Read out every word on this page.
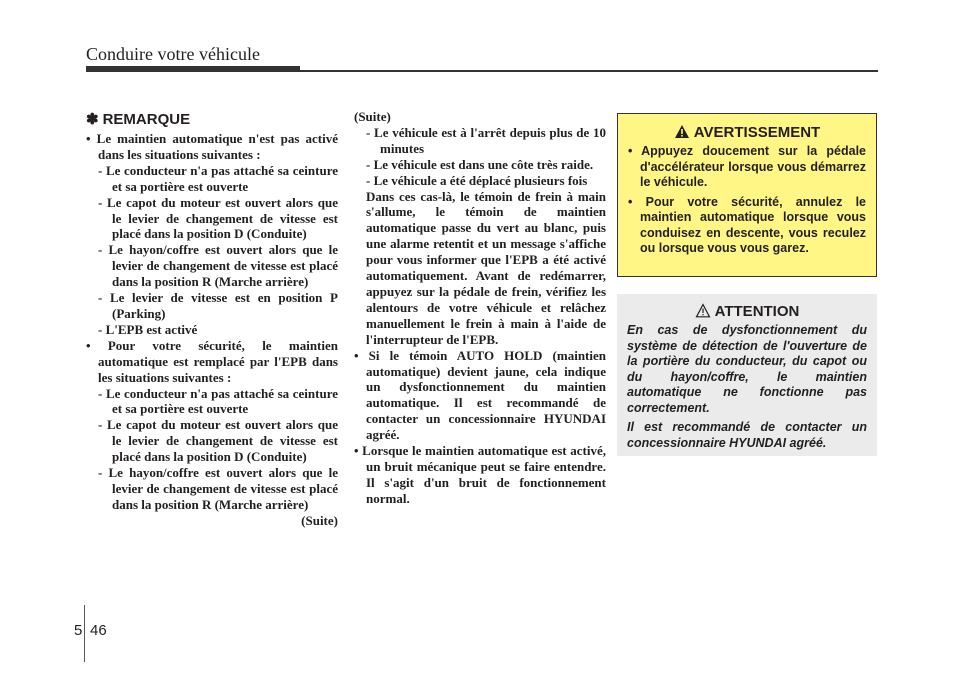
Conduire votre véhicule
✽ REMARQUE
• Le maintien automatique n'est pas activé dans les situations suivantes :
- Le conducteur n'a pas attaché sa ceinture et sa portière est ouverte
- Le capot du moteur est ouvert alors que le levier de changement de vitesse est placé dans la position D (Conduite)
- Le hayon/coffre est ouvert alors que le levier de changement de vitesse est placé dans la position R (Marche arrière)
- Le levier de vitesse est en position P (Parking)
- L'EPB est activé
• Pour votre sécurité, le maintien automatique est remplacé par l'EPB dans les situations suivantes :
- Le conducteur n'a pas attaché sa ceinture et sa portière est ouverte
- Le capot du moteur est ouvert alors que le levier de changement de vitesse est placé dans la position D (Conduite)
- Le hayon/coffre est ouvert alors que le levier de changement de vitesse est placé dans la position R (Marche arrière)
(Suite)
(Suite)
- Le véhicule est à l'arrêt depuis plus de 10 minutes
- Le véhicule est dans une côte très raide.
- Le véhicule a été déplacé plusieurs fois
Dans ces cas-là, le témoin de frein à main s'allume, le témoin de maintien automatique passe du vert au blanc, puis une alarme retentit et un message s'affiche pour vous informer que l'EPB a été activé automatiquement. Avant de redémarrer, appuyez sur la pédale de frein, vérifiez les alentours de votre véhicule et relâchez manuellement le frein à main à l'aide de l'interrupteur de l'EPB.
• Si le témoin AUTO HOLD (maintien automatique) devient jaune, cela indique un dysfonctionnement du maintien automatique. Il est recommandé de contacter un concessionnaire HYUNDAI agréé.
• Lorsque le maintien automatique est activé, un bruit mécanique peut se faire entendre. Il s'agit d'un bruit de fonctionnement normal.
AVERTISSEMENT
• Appuyez doucement sur la pédale d'accélérateur lorsque vous démarrez le véhicule.
• Pour votre sécurité, annulez le maintien automatique lorsque vous conduisez en descente, vous reculez ou lorsque vous vous garez.
ATTENTION

En cas de dysfonctionnement du système de détection de l'ouverture de la portière du conducteur, du capot ou du hayon/coffre, le maintien automatique ne fonctionne pas correctement.

Il est recommandé de contacter un concessionnaire HYUNDAI agréé.

5 46
